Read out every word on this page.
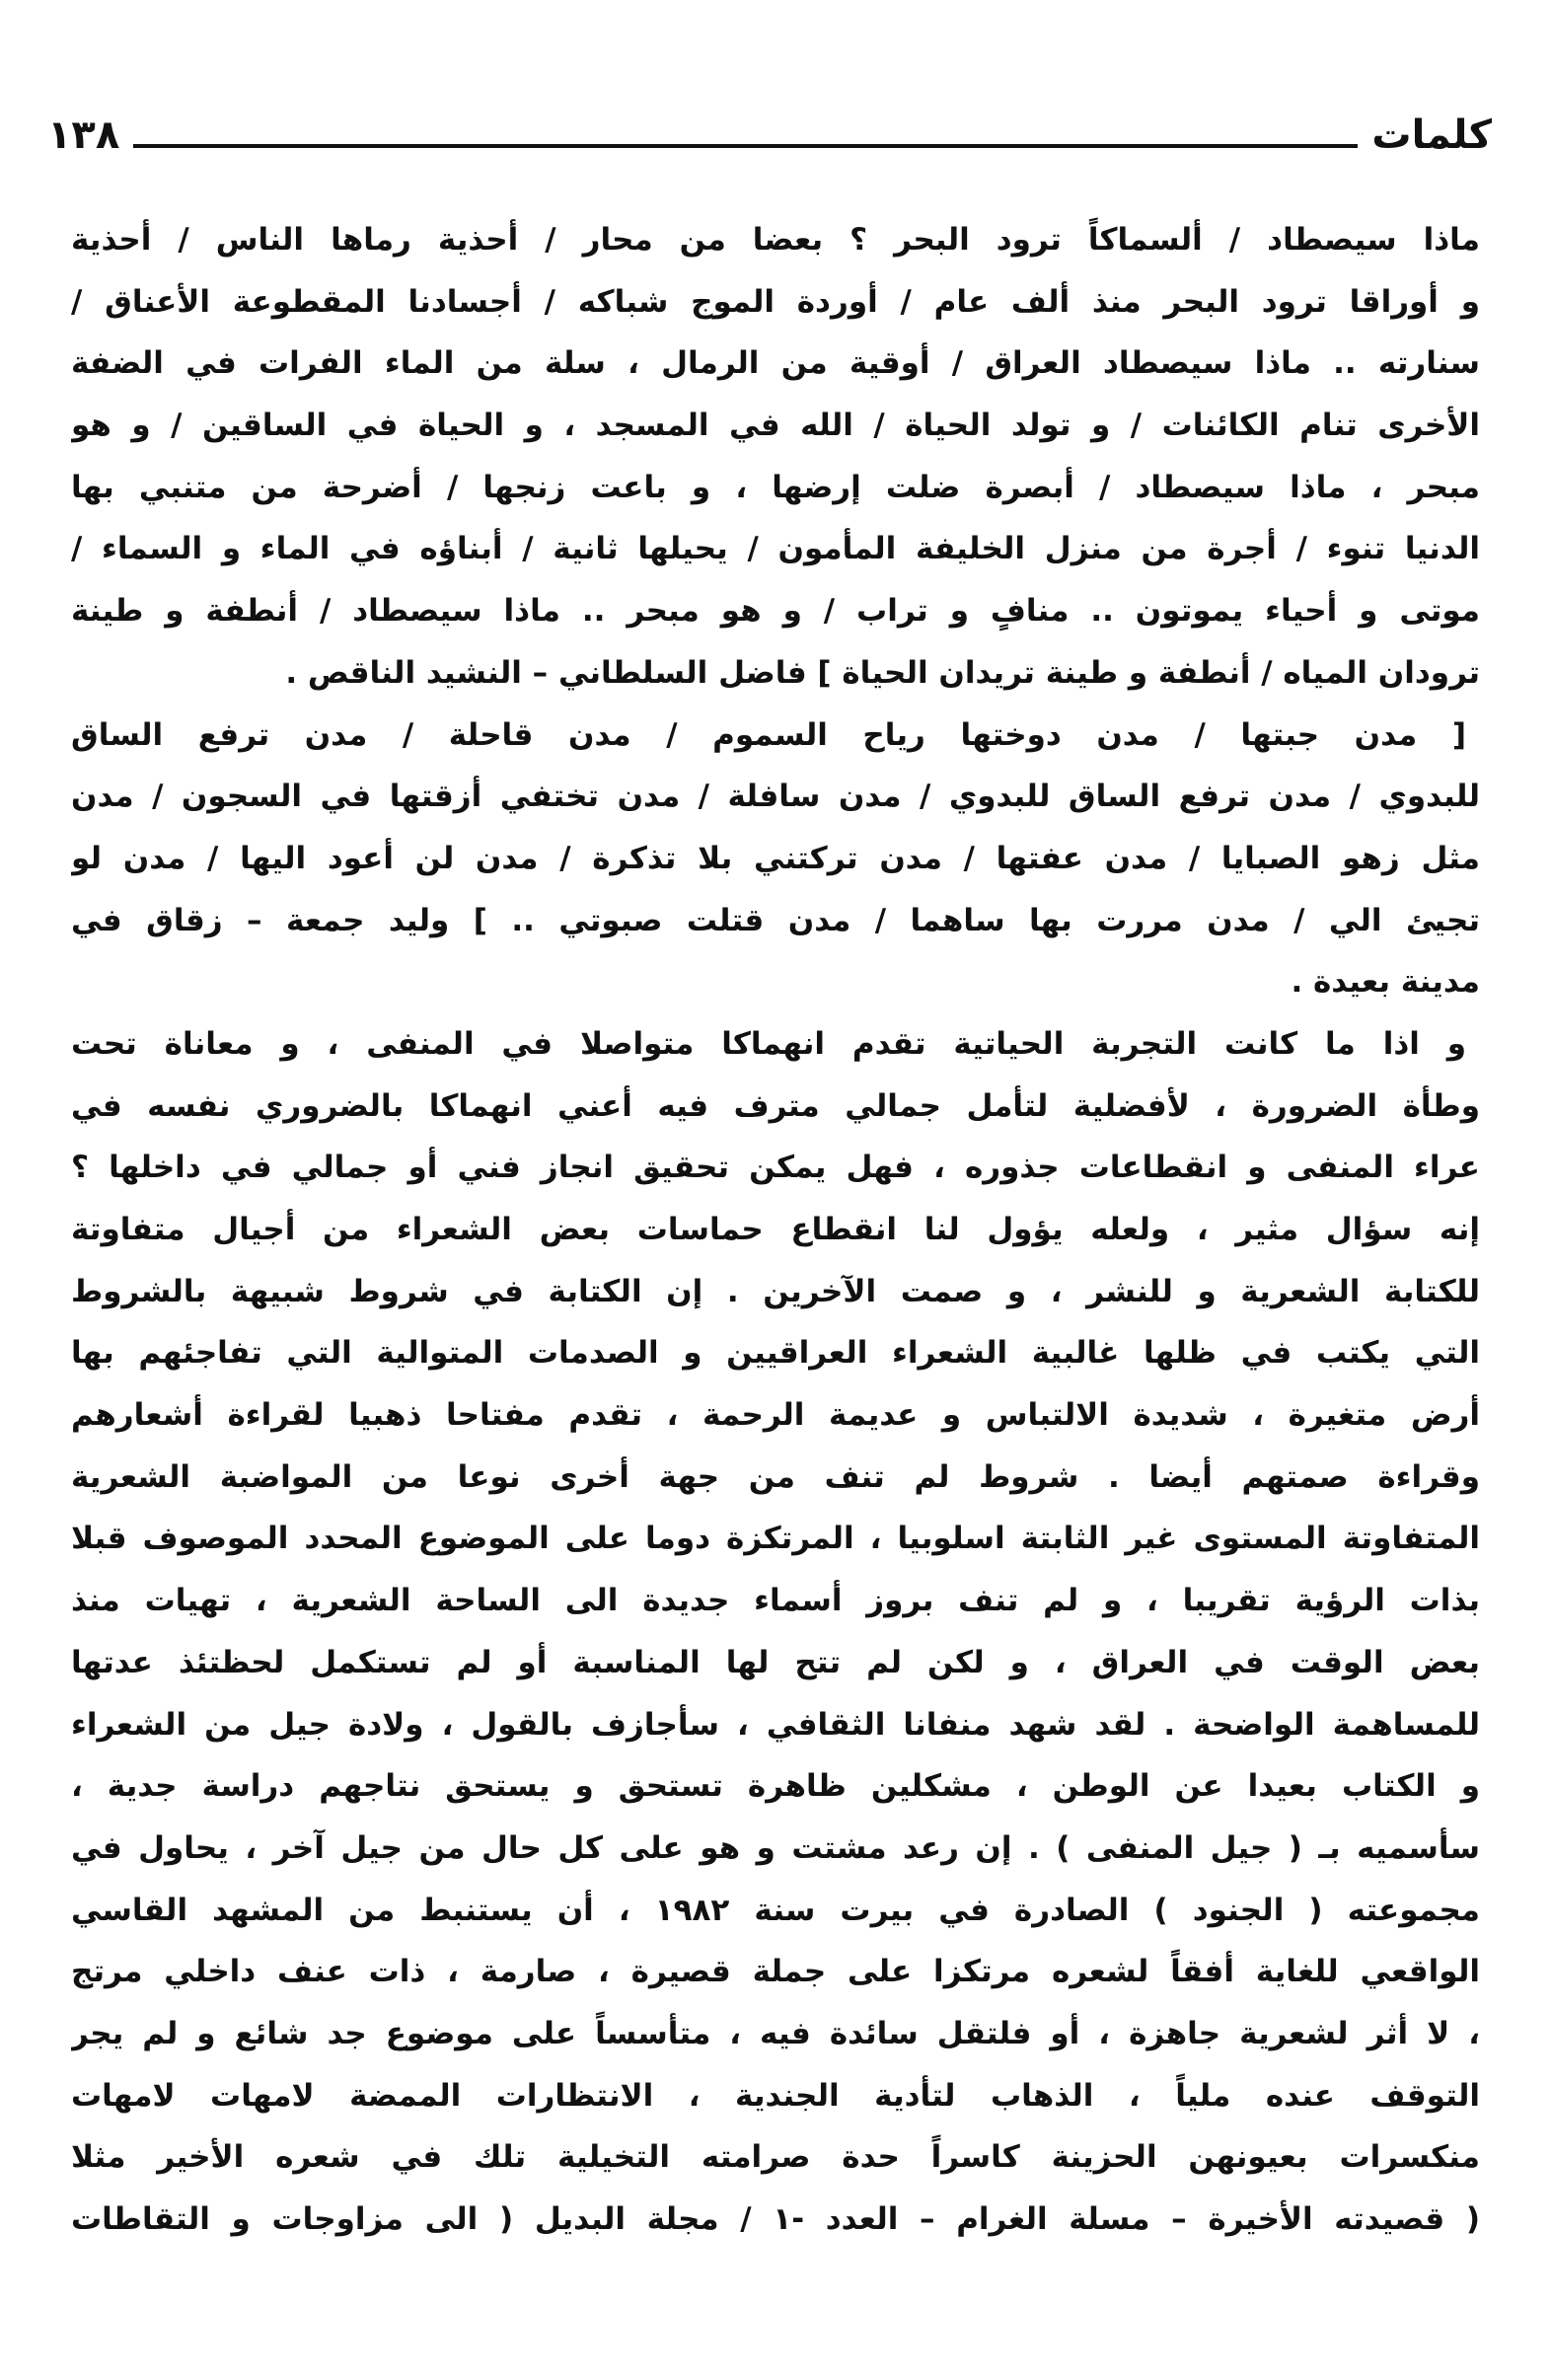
كلمات
١٣٨
ماذا سيصطاد / ألسماكاً ترود البحر ؟ بعضا من محار / أحذية رماها الناس / أحذية
و أوراقا ترود البحر منذ ألف عام / أوردة الموج شباكه / أجسادنا المقطوعة الأعناق /
سنارته .. ماذا سيصطاد العراق / أوقية من الرمال ، سلة من الماء الفرات في الضفة
الأخرى تنام الكائنات / و تولد الحياة / الله في المسجد ، و الحياة في الساقين / و هو
مبحر ، ماذا سيصطاد / أبصرة ضلت إرضها ، و باعت زنجها / أضرحة من متنبي بها
الدنيا تنوء / أجرة من منزل الخليفة المأمون / يحيلها ثانية / أبناؤه في الماء و السماء /
موتى و أحياء يموتون .. منافٍ و تراب / و هو مبحر .. ماذا سيصطاد / أنطفة و طينة
ترودان المياه / أنطفة و طينة تريدان الحياة ] فاضل السلطاني – النشيد الناقص .
[ مدن جبتها / مدن دوختها رياح السموم / مدن قاحلة / مدن ترفع الساق
للبدوي / مدن ترفع الساق للبدوي / مدن سافلة / مدن تختفي أزقتها في السجون / مدن
مثل زهو الصبايا / مدن عفتها / مدن تركتني بلا تذكرة / مدن لن أعود اليها / مدن لو
تجيئ الي / مدن مررت بها ساهما / مدن قتلت صبوتي .. ] وليد جمعة – زقاق في
مدينة بعيدة .
و اذا ما كانت التجربة الحياتية تقدم انهماكا متواصلا في المنفى ، و معاناة تحت
وطأة الضرورة ، لأفضلية لتأمل جمالي مترف فيه أعني انهماكا بالضروري نفسه في
عراء المنفى و انقطاعات جذوره ، فهل يمكن تحقيق انجاز فني أو جمالي في داخلها ؟
إنه سؤال مثير ، ولعله يؤول لنا انقطاع حماسات بعض الشعراء من أجيال متفاوتة
للكتابة الشعرية و للنشر ، و صمت الآخرين . إن الكتابة في شروط شبيهة بالشروط
التي يكتب في ظلها غالبية الشعراء العراقيين و الصدمات المتوالية التي تفاجئهم بها
أرض متغيرة ، شديدة الالتباس و عديمة الرحمة ، تقدم مفتاحا ذهبيا لقراءة أشعارهم
وقراءة صمتهم أيضا . شروط لم تنف من جهة أخرى نوعا من المواضبة الشعرية
المتفاوتة المستوى غير الثابتة اسلوبيا ، المرتكزة دوما على الموضوع المحدد الموصوف قبلا
بذات الرؤية تقريبا ، و لم تنف بروز أسماء جديدة الى الساحة الشعرية ، تهيات منذ
بعض الوقت في العراق ، و لكن لم تتح لها المناسبة أو لم تستكمل لحظتئذ عدتها
للمساهمة الواضحة . لقد شهد منفانا الثقافي ، سأجازف بالقول ، ولادة جيل من الشعراء
و الكتاب بعيدا عن الوطن ، مشكلين ظاهرة تستحق و يستحق نتاجهم دراسة جدية ،
سأسميه بـ ( جيل المنفى ) . إن رعد مشتت و هو على كل حال من جيل آخر ، يحاول في
مجموعته ( الجنود ) الصادرة في بيرت سنة ١٩٨٢ ، أن يستنبط من المشهد القاسي
الواقعي للغاية أفقاً لشعره مرتكزا على جملة قصيرة ، صارمة ، ذات عنف داخلي مرتج
، لا أثر لشعرية جاهزة ، أو فلتقل سائدة فيه ، متأسساً على موضوع جد شائع و لم يجر
التوقف عنده ملياً ، الذهاب لتأدية الجندية ، الانتظارات الممضة لامهات لامهات
منكسرات بعيونهن الحزينة كاسراً حدة صرامته التخيلية تلك في شعره الأخير مثلا
( قصيدته الأخيرة – مسلة الغرام – العدد -١ / مجلة البديل ( الى مزاوجات و التقاطات
